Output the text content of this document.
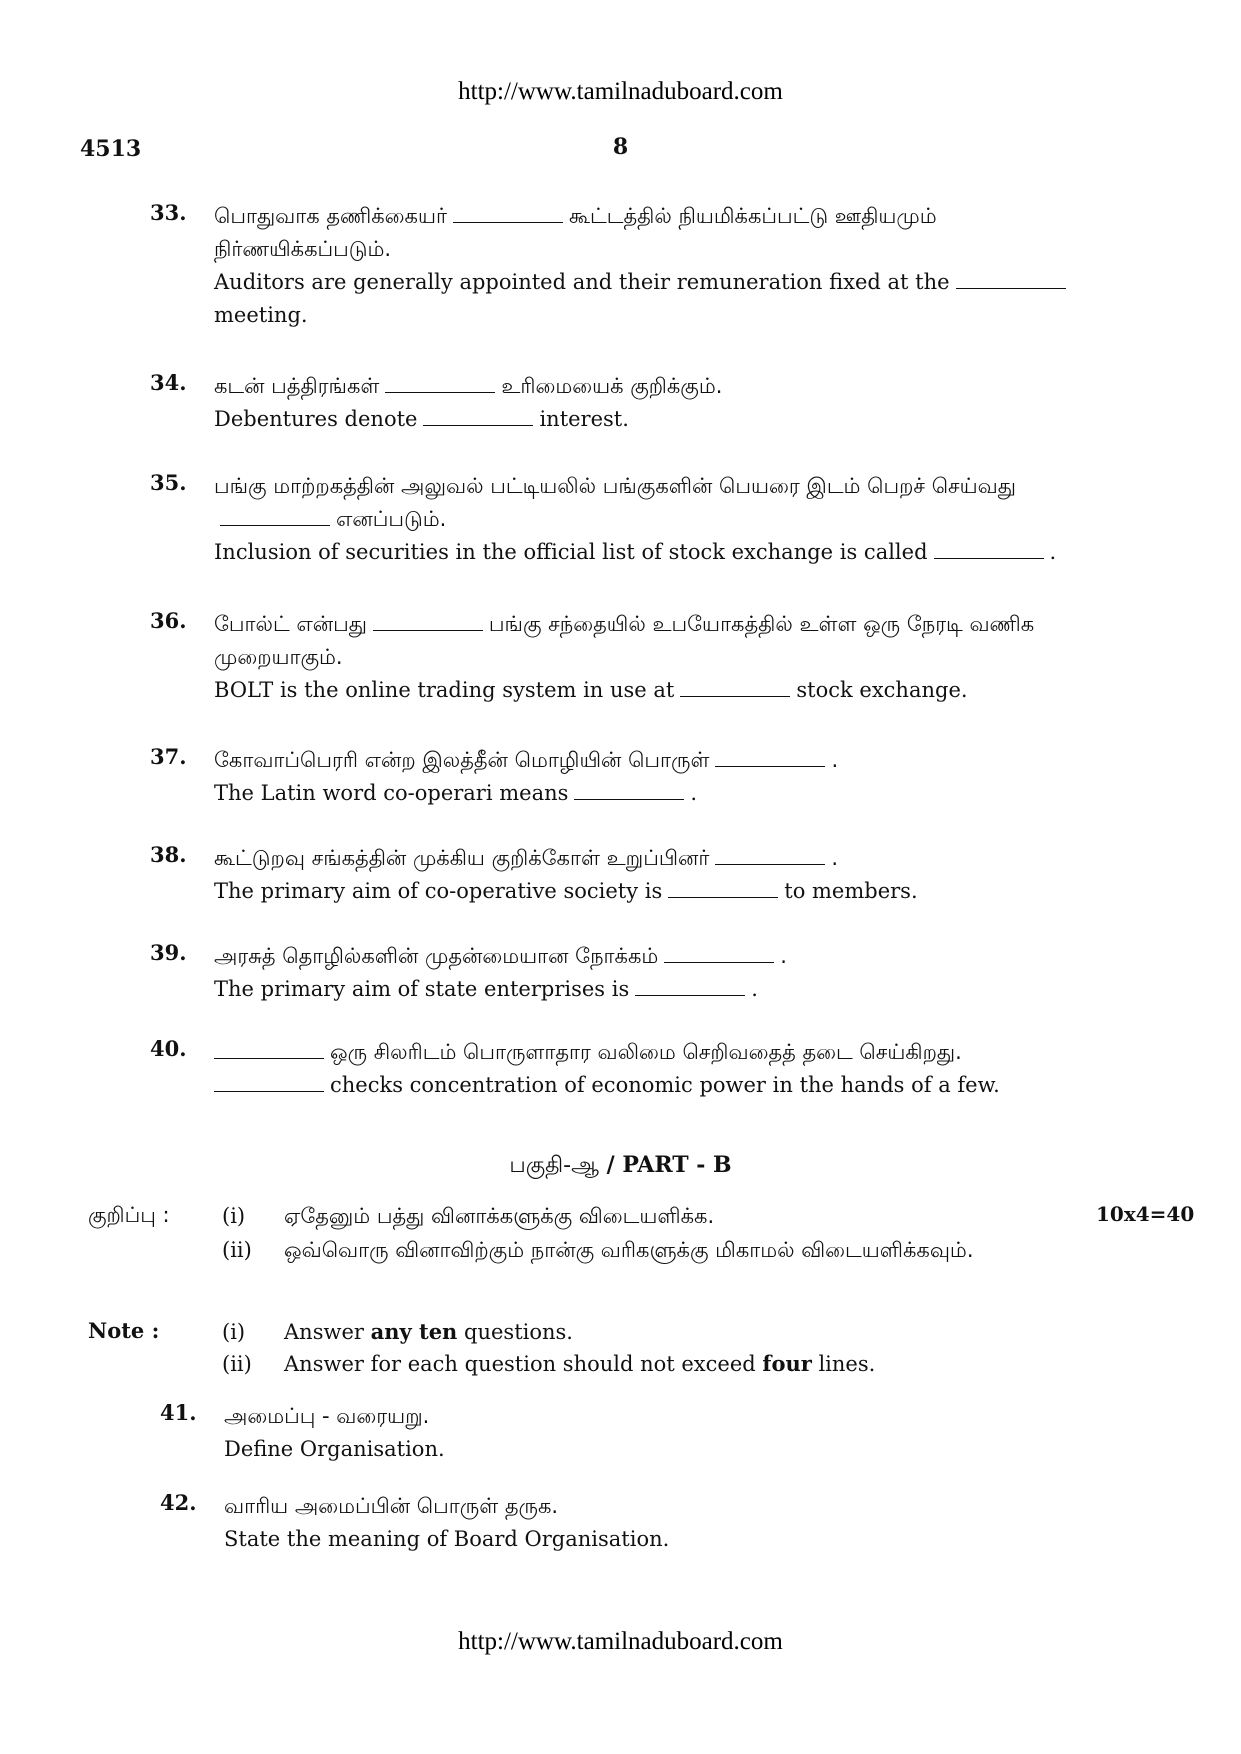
http://www.tamilnaduboard.com
4513	8
33. பொதுவாக தணிக்கையர்	கூட்டத்தில் நியமிக்கப்பட்டு ஊதியமும் நிர்ணயிக்கப்படும்.
Auditors are generally appointed and their remuneration fixed at the
meeting.
34. கடன் பத்திரங்கள்	உரிமையைக் குறிக்கும்.
Debentures denote	interest.
35. பங்கு மாற்றகத்தின் அலுவல் பட்டியலில் பங்குகளின் பெயரை இடம் பெறச் செய்வதுஎனப்படும்.
Inclusion of securities in the official list of stock exchange is called	.
36. போல்ட் என்பது	பங்கு சந்தையில் உபயோகத்தில் உள்ள ஒரு நேரடி வணிக முறையாகும்.
BOLT is the online trading system in use at	stock exchange.
37. கோவாப்பெரரி என்ற இலத்தீன் மொழியின் பொருள்	.
The Latin word co-operari means	.
38. கூட்டுறவு சங்கத்தின் முக்கிய குறிக்கோள் உறுப்பினர்	.
The primary aim of co-operative society is	to members.
39. அரசுத் தொழில்களின் முதன்மையான நோக்கம்	.
The primary aim of state enterprises is	.
40.	ஒரு சிலரிடம் பொருளாதார வலிமை செறிவதைத் தடை செய்கிறது.
checks concentration of economic power in the hands of a few.
பகுதி-ஆ / PART - B
10x4=40
குறிப்பு : (i) ஏதேனும் பத்து வினாக்களுக்கு விடையளிக்க.
(ii) ஒவ்வொரு வினாவிற்கும் நான்கு வரிகளுக்கு மிகாமல் விடையளிக்கவும்.
Note :	(i) Answer any ten questions.
(ii) Answer for each question should not exceed four lines.
41. அமைப்பு - வரையறு.
Define Organisation.
42. வாரிய அமைப்பின் பொருள் தருக.
State the meaning of Board Organisation.
http://www.tamilnaduboard.com
